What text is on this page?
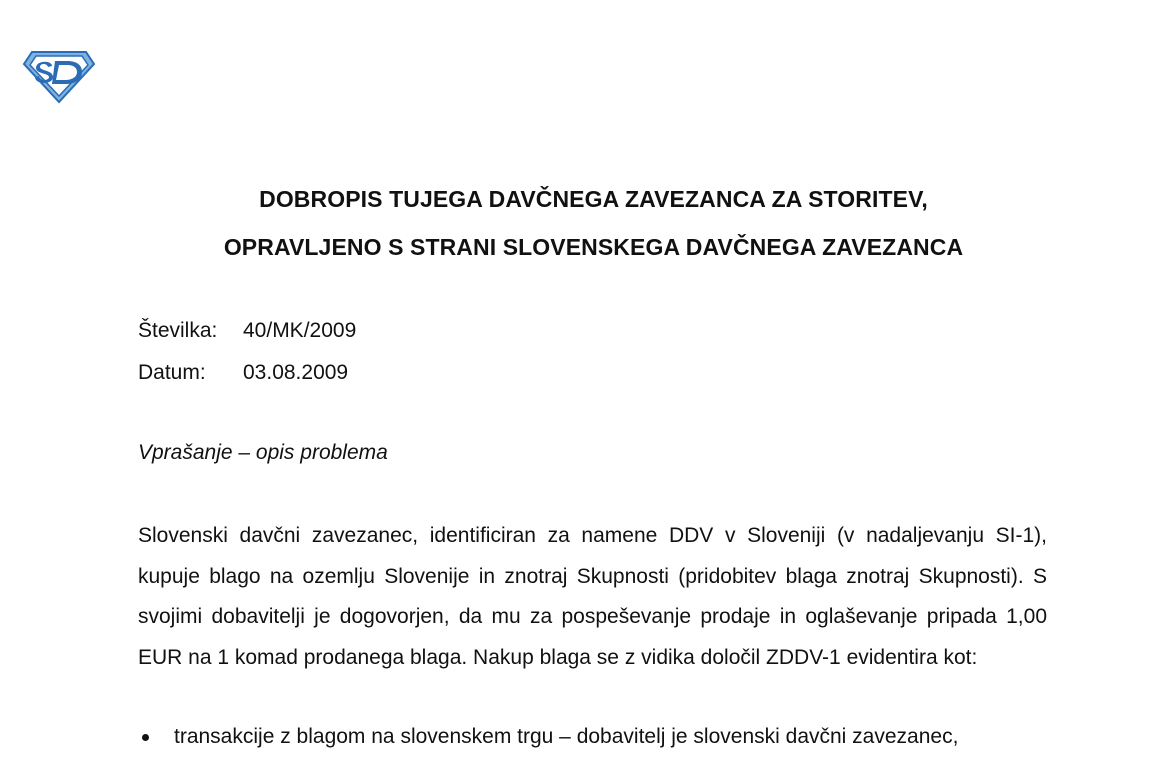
DOBROPIS TUJEGA DAVČNEGA ZAVEZANCA ZA STORITEV,
OPRAVLJENO S STRANI SLOVENSKEGA DAVČNEGA ZAVEZANCA
Številka: 40/MK/2009
Datum: 03.08.2009
Vprašanje – opis problema

Slovenski davčni zavezanec, identificiran za namene DDV v Sloveniji (v nadaljevanju SI-1), kupuje blago na ozemlju Slovenije in znotraj Skupnosti (pridobitev blaga znotraj Skupnosti). S svojimi dobavitelji je dogovorjen, da mu za pospeševanje prodaje in oglaševanje pripada 1,00 EUR na 1 komad prodanega blaga. Nakup blaga se z vidika določil ZDDV-1 evidentira kot:

transakcije z blagom na slovenskem trgu – dobavitelj je slovenski davčni zavezanec,
